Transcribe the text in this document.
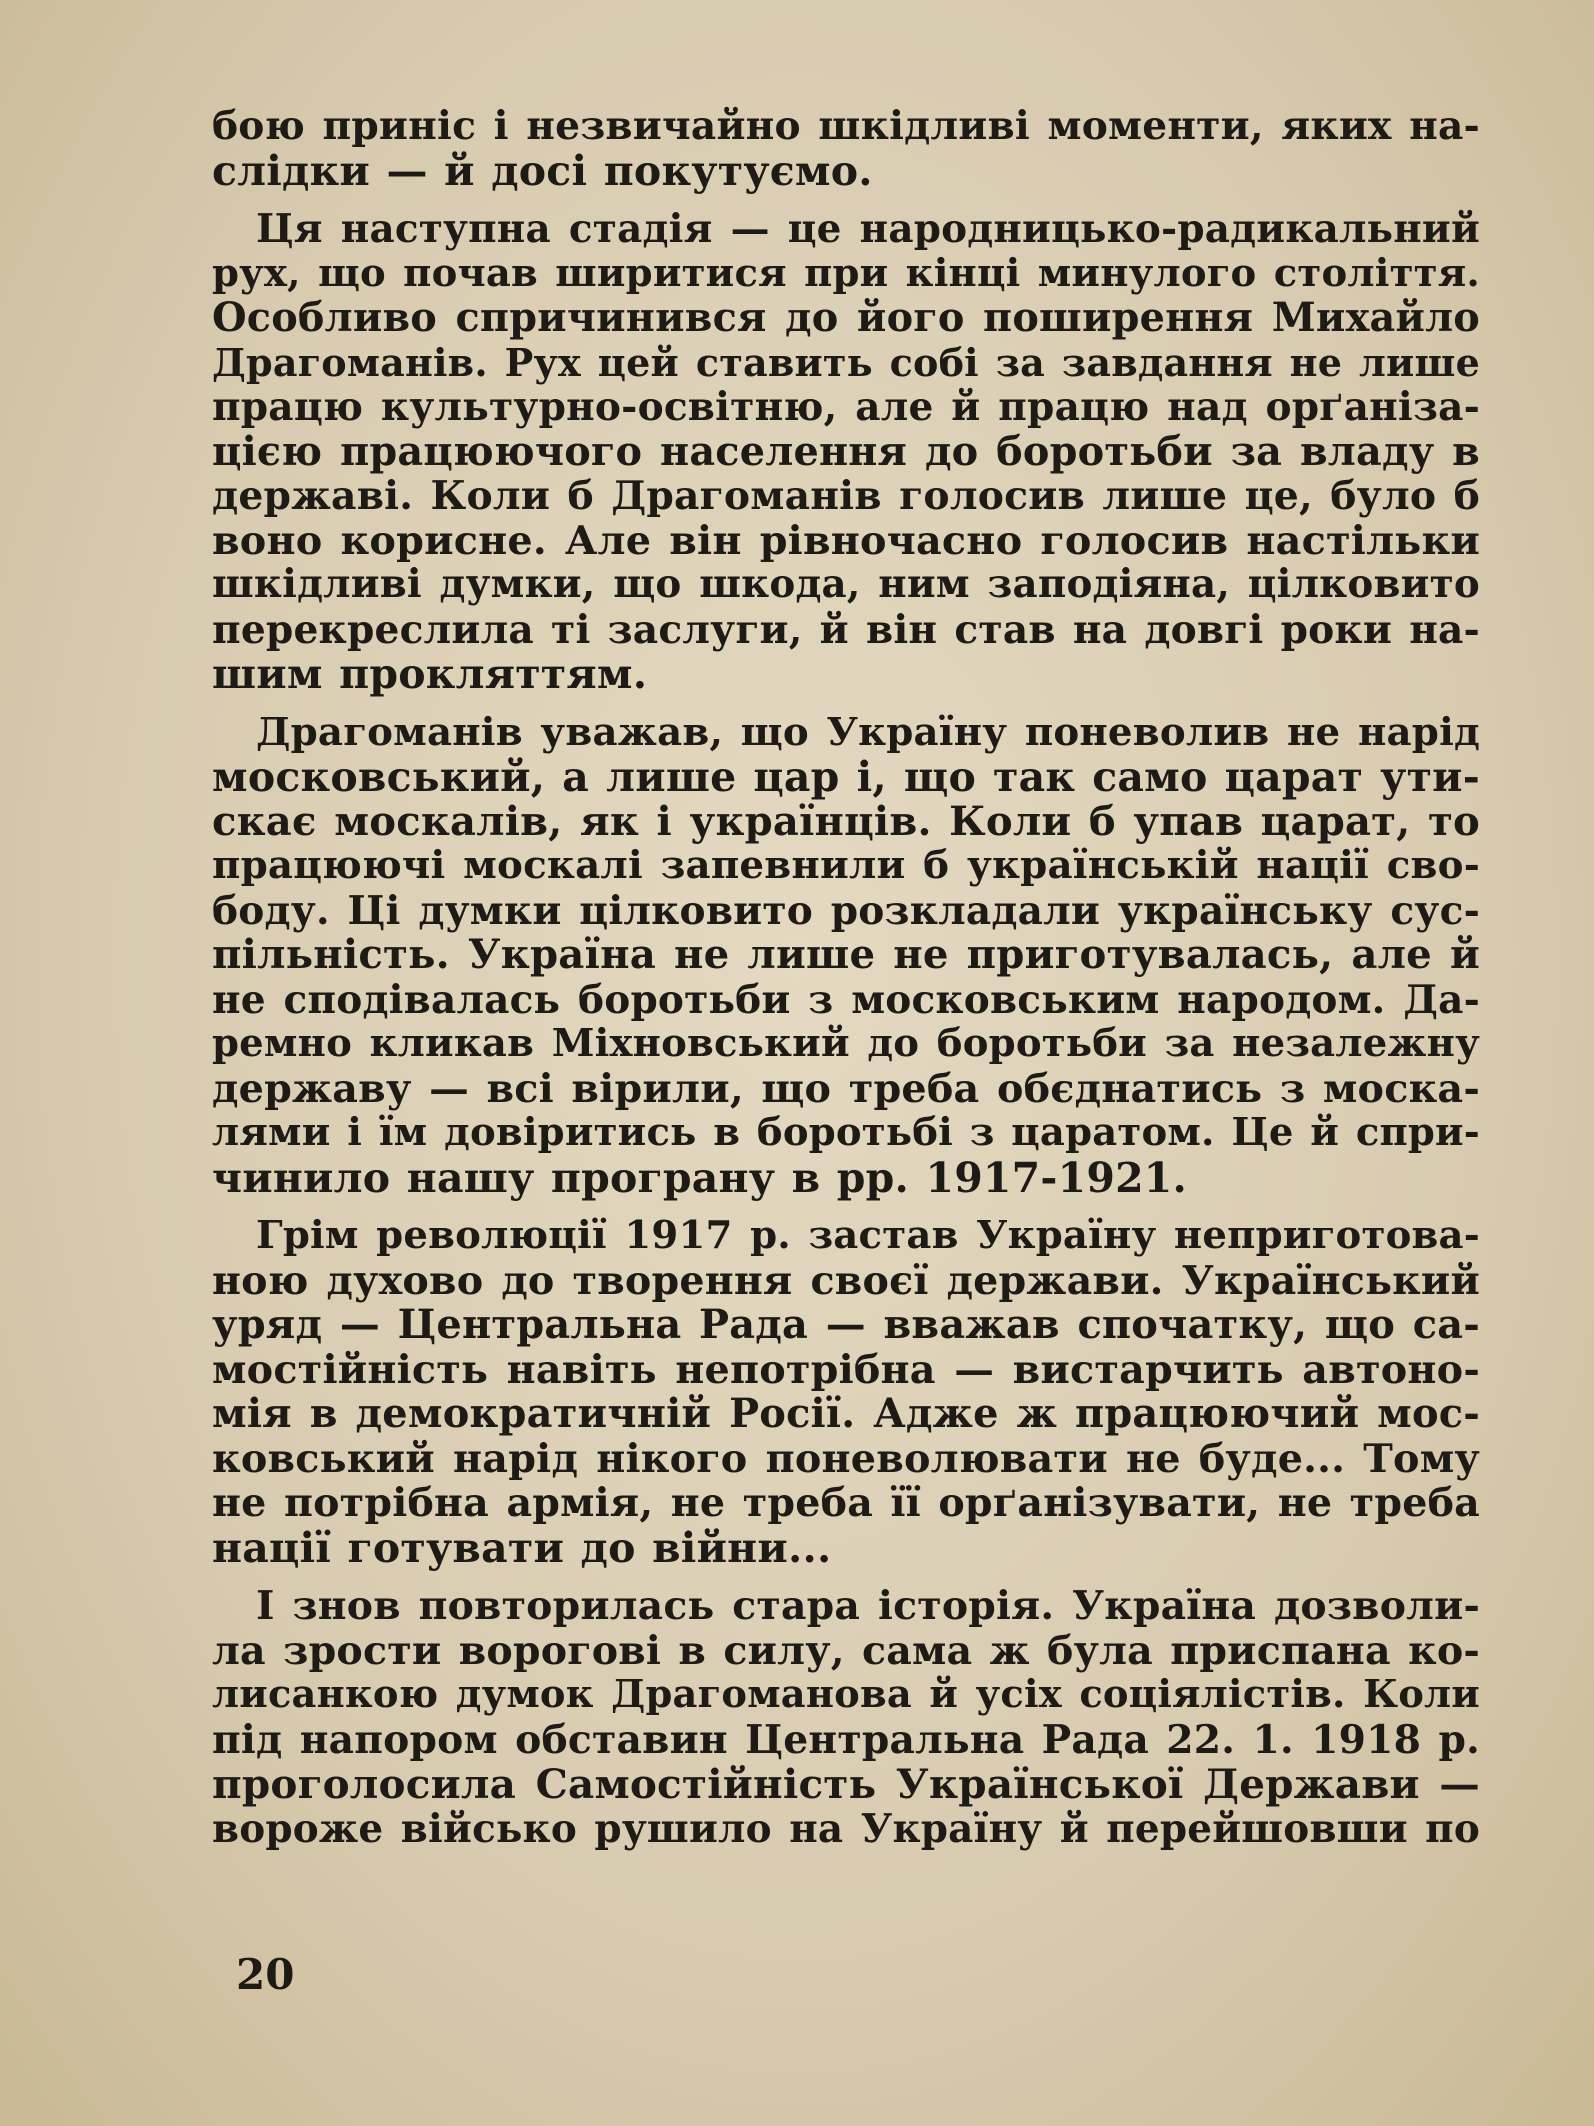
бою приніс і незвичайно шкідливі моменти, яких на-
слідки — й досі покутуємо.
Ця наступна стадія — це народницько-радикальний
рух, що почав ширитися при кінці минулого століття.
Особливо спричинився до його поширення Михайло
Драгоманів. Рух цей ставить собі за завдання не лише
працю культурно-освітню, але й працю над орґаніза-
цією працюючого населення до боротьби за владу в
державі. Коли б Драгоманів голосив лише це, було б
воно корисне. Але він рівночасно голосив настільки
шкідливі думки, що шкода, ним заподіяна, цілковито
перекреслила ті заслуги, й він став на довгі роки на-
шим прокляттям.
Драгоманів уважав, що Україну поневолив не нарід
московський, а лише цар і, що так само царат ути-
скає москалів, як і українців. Коли б упав царат, то
працюючі москалі запевнили б українській нації сво-
боду. Ці думки цілковито розкладали українську сус-
пільність. Україна не лише не приготувалась, але й
не сподівалась боротьби з московським народом. Да-
ремно кликав Міхновський до боротьби за незалежну
державу — всі вірили, що треба обєднатись з моска-
лями і їм довіритись в боротьбі з царатом. Це й спри-
чинило нашу програну в рр. 1917-1921.
Грім революції 1917 р. застав Україну неприготова-
ною духово до творення своєї держави. Український
уряд — Центральна Рада — вважав спочатку, що са-
мостійність навіть непотрібна — вистарчить автоно-
мія в демократичній Росії. Адже ж працюючий мос-
ковський нарід нікого поневолювати не буде... Тому
не потрібна армія, не треба її орґанізувати, не треба
нації готувати до війни...
І знов повторилась стара історія. Україна дозволи-
ла зрости ворогові в силу, сама ж була приспана ко-
лисанкою думок Драгоманова й усіх соціялістів. Коли
під напором обставин Центральна Рада 22. 1. 1918 р.
проголосила Самостійність Української Держави —
вороже військо рушило на Україну й перейшовши по
20
